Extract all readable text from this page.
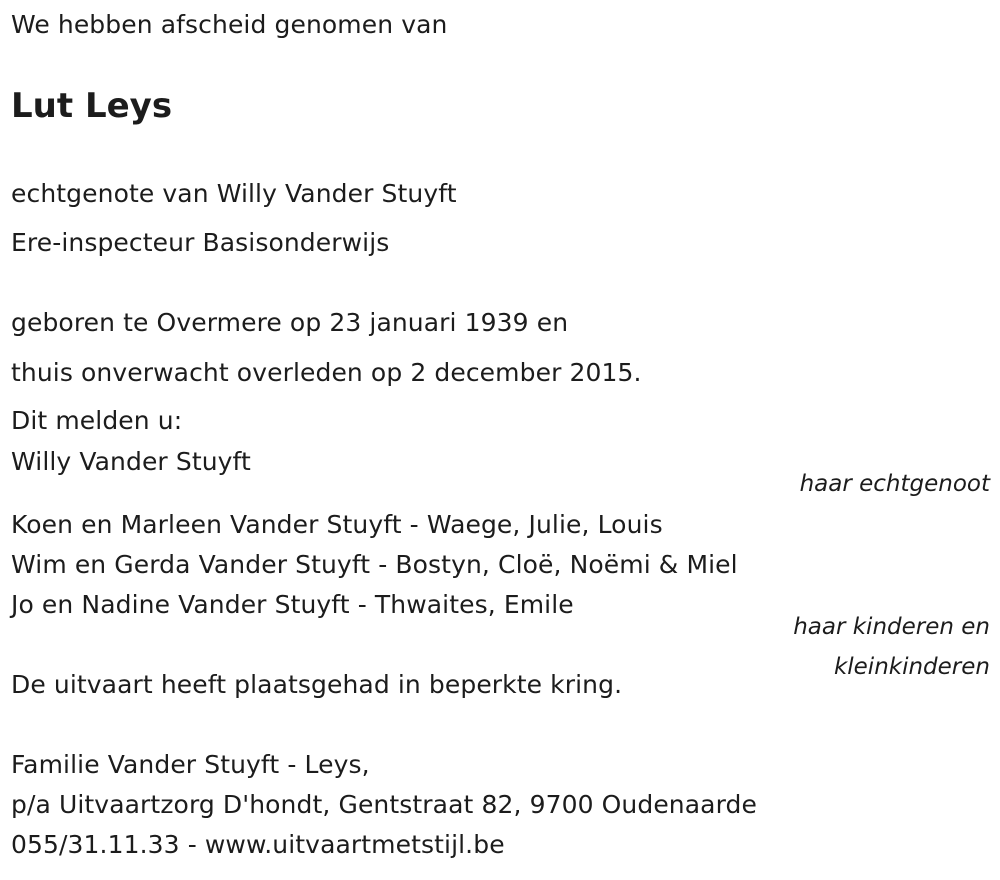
We hebben afscheid genomen van
Lut Leys
echtgenote van Willy Vander Stuyft
Ere-inspecteur Basisonderwijs
geboren te Overmere op 23 januari 1939 en
thuis onverwacht overleden op 2 december 2015.
Dit melden u:
Willy Vander Stuyft
haar echtgenoot
Koen en Marleen Vander Stuyft - Waege, Julie, Louis
Wim en Gerda Vander Stuyft - Bostyn, Cloë, Noëmi & Miel
Jo en Nadine Vander Stuyft - Thwaites, Emile
haar kinderen en
kleinkinderen
De uitvaart heeft plaatsgehad in beperkte kring.
Familie Vander Stuyft - Leys,
p/a Uitvaartzorg D'hondt, Gentstraat 82, 9700 Oudenaarde
055/31.11.33 - www.uitvaartmetstijl.be
